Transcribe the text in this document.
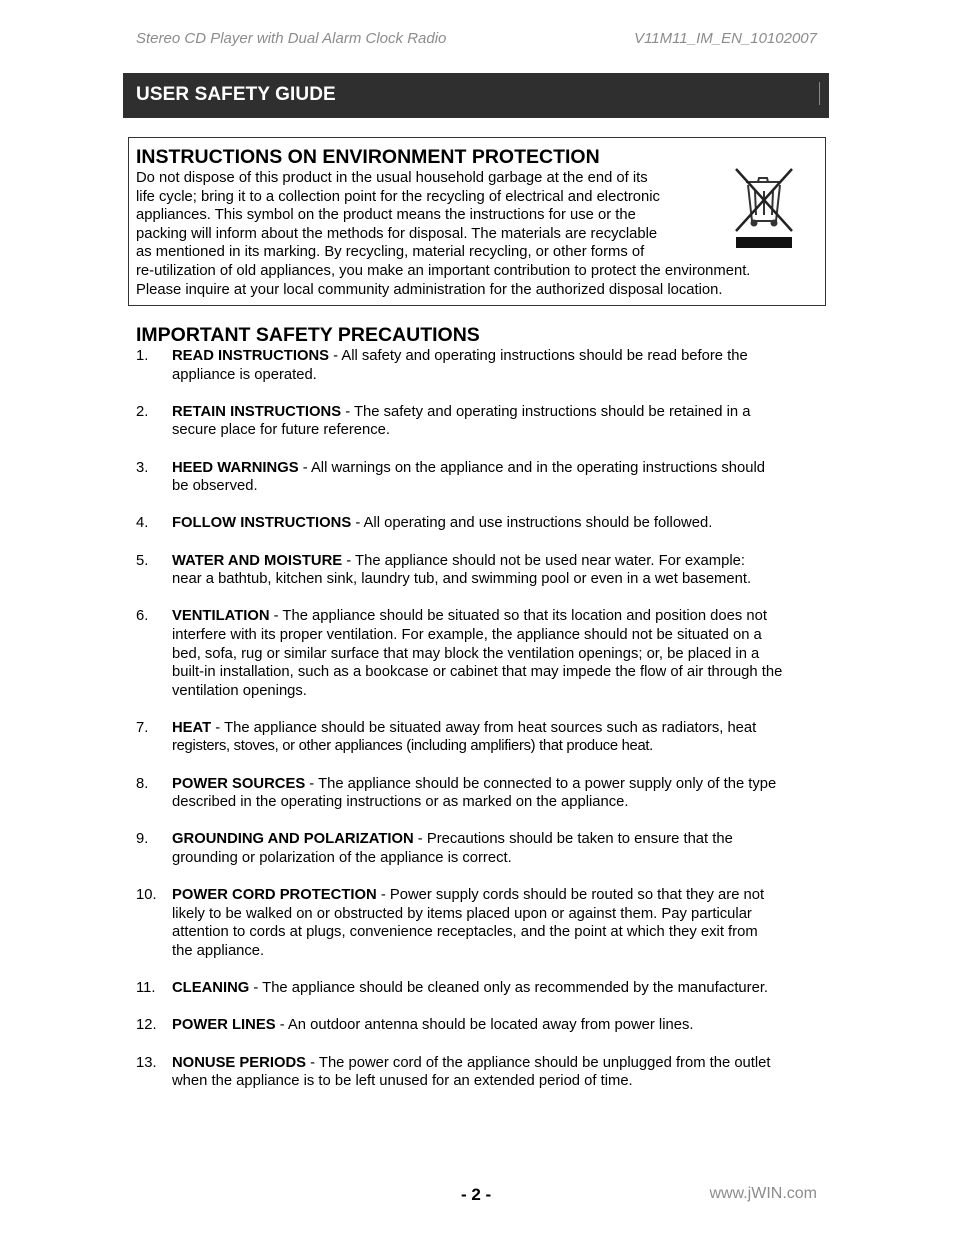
Stereo CD Player with Dual Alarm Clock Radio	V11M11_IM_EN_10102007
USER SAFETY GIUDE
INSTRUCTIONS ON ENVIRONMENT PROTECTION
Do not dispose of this product in the usual household garbage at the end of its
life cycle; bring it to a collection point for the recycling of electrical and electronic
appliances. This symbol on the product means the instructions for use or the
packing will inform about the methods for disposal. The materials are recyclable
as mentioned in its marking. By recycling, material recycling, or other forms of
re-utilization of old appliances, you make an important contribution to protect the environment.
Please inquire at your local community administration for the authorized disposal location.
IMPORTANT SAFETY PRECAUTIONS
1. READ INSTRUCTIONS - All safety and operating instructions should be read before the
appliance is operated.
2. RETAIN INSTRUCTIONS - The safety and operating instructions should be retained in a
secure place for future reference.
3. HEED WARNINGS - All warnings on the appliance and in the operating instructions should
be observed.
4. FOLLOW INSTRUCTIONS - All operating and use instructions should be followed.
5. WATER AND MOISTURE - The appliance should not be used near water. For example:
near a bathtub, kitchen sink, laundry tub, and swimming pool or even in a wet basement.
6. VENTILATION - The appliance should be situated so that its location and position does not
interfere with its proper ventilation. For example, the appliance should not be situated on a
bed, sofa, rug or similar surface that may block the ventilation openings; or, be placed in a
built-in installation, such as a bookcase or cabinet that may impede the flow of air through the
ventilation openings.
7. HEAT - The appliance should be situated away from heat sources such as radiators, heat
registers, stoves, or other appliances (including amplifiers) that produce heat.
8. POWER SOURCES - The appliance should be connected to a power supply only of the type
described in the operating instructions or as marked on the appliance.
9. GROUNDING AND POLARIZATION - Precautions should be taken to ensure that the
grounding or polarization of the appliance is correct.
10. POWER CORD PROTECTION - Power supply cords should be routed so that they are not
likely to be walked on or obstructed by items placed upon or against them. Pay particular
attention to cords at plugs, convenience receptacles, and the point at which they exit from
the appliance.
11. CLEANING - The appliance should be cleaned only as recommended by the manufacturer.
12. POWER LINES - An outdoor antenna should be located away from power lines.
13. NONUSE PERIODS - The power cord of the appliance should be unplugged from the outlet
when the appliance is to be left unused for an extended period of time.
- 2 -	www.jWIN.com
